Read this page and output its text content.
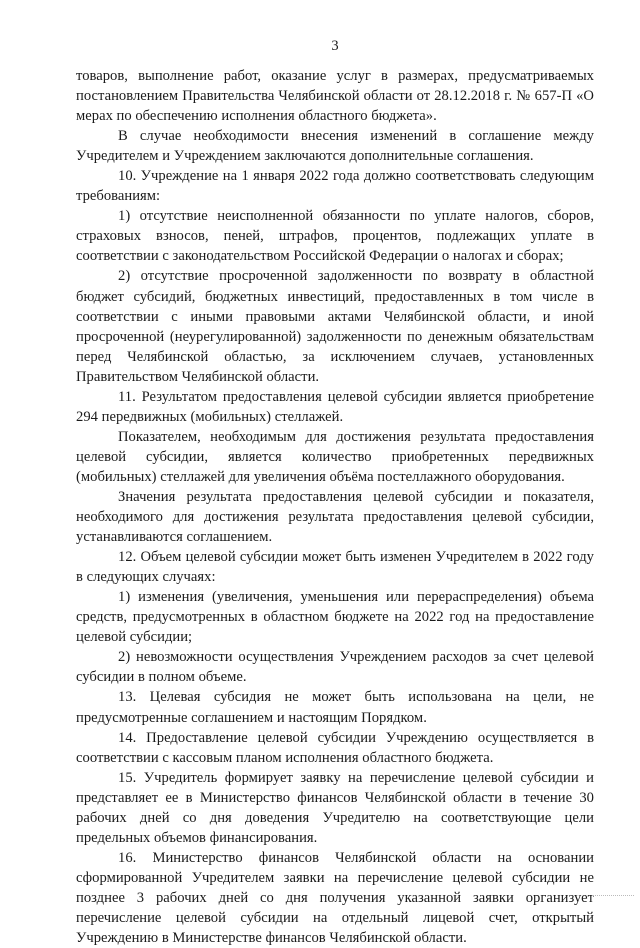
3

товаров, выполнение работ, оказание услуг в размерах, предусматриваемых постановлением Правительства Челябинской области от 28.12.2018 г. № 657-П «О мерах по обеспечению исполнения областного бюджета».

В случае необходимости внесения изменений в соглашение между Учредителем и Учреждением заключаются дополнительные соглашения.

10. Учреждение на 1 января 2022 года должно соответствовать следующим требованиям:

1) отсутствие неисполненной обязанности по уплате налогов, сборов, страховых взносов, пеней, штрафов, процентов, подлежащих уплате в соответствии с законодательством Российской Федерации о налогах и сборах;

2) отсутствие просроченной задолженности по возврату в областной бюджет субсидий, бюджетных инвестиций, предоставленных в том числе в соответствии с иными правовыми актами Челябинской области, и иной просроченной (неурегулированной) задолженности по денежным обязательствам перед Челябинской областью, за исключением случаев, установленных Правительством Челябинской области.

11. Результатом предоставления целевой субсидии является приобретение 294 передвижных (мобильных) стеллажей.

Показателем, необходимым для достижения результата предоставления целевой субсидии, является количество приобретенных передвижных (мобильных) стеллажей для увеличения объёма постеллажного оборудования.

Значения результата предоставления целевой субсидии и показателя, необходимого для достижения результата предоставления целевой субсидии, устанавливаются соглашением.

12. Объем целевой субсидии может быть изменен Учредителем в 2022 году в следующих случаях:

1) изменения (увеличения, уменьшения или перераспределения) объема средств, предусмотренных в областном бюджете на 2022 год на предоставление целевой субсидии;

2) невозможности осуществления Учреждением расходов за счет целевой субсидии в полном объеме.

13. Целевая субсидия не может быть использована на цели, не предусмотренные соглашением и настоящим Порядком.

14. Предоставление целевой субсидии Учреждению осуществляется в соответствии с кассовым планом исполнения областного бюджета.

15. Учредитель формирует заявку на перечисление целевой субсидии и представляет ее в Министерство финансов Челябинской области в течение 30 рабочих дней со дня доведения Учредителю на соответствующие цели предельных объемов финансирования.

16. Министерство финансов Челябинской области на основании сформированной Учредителем заявки на перечисление целевой субсидии не позднее 3 рабочих дней со дня получения указанной заявки организует перечисление целевой субсидии на отдельный лицевой счет, открытый Учреждению в Министерстве финансов Челябинской области.
